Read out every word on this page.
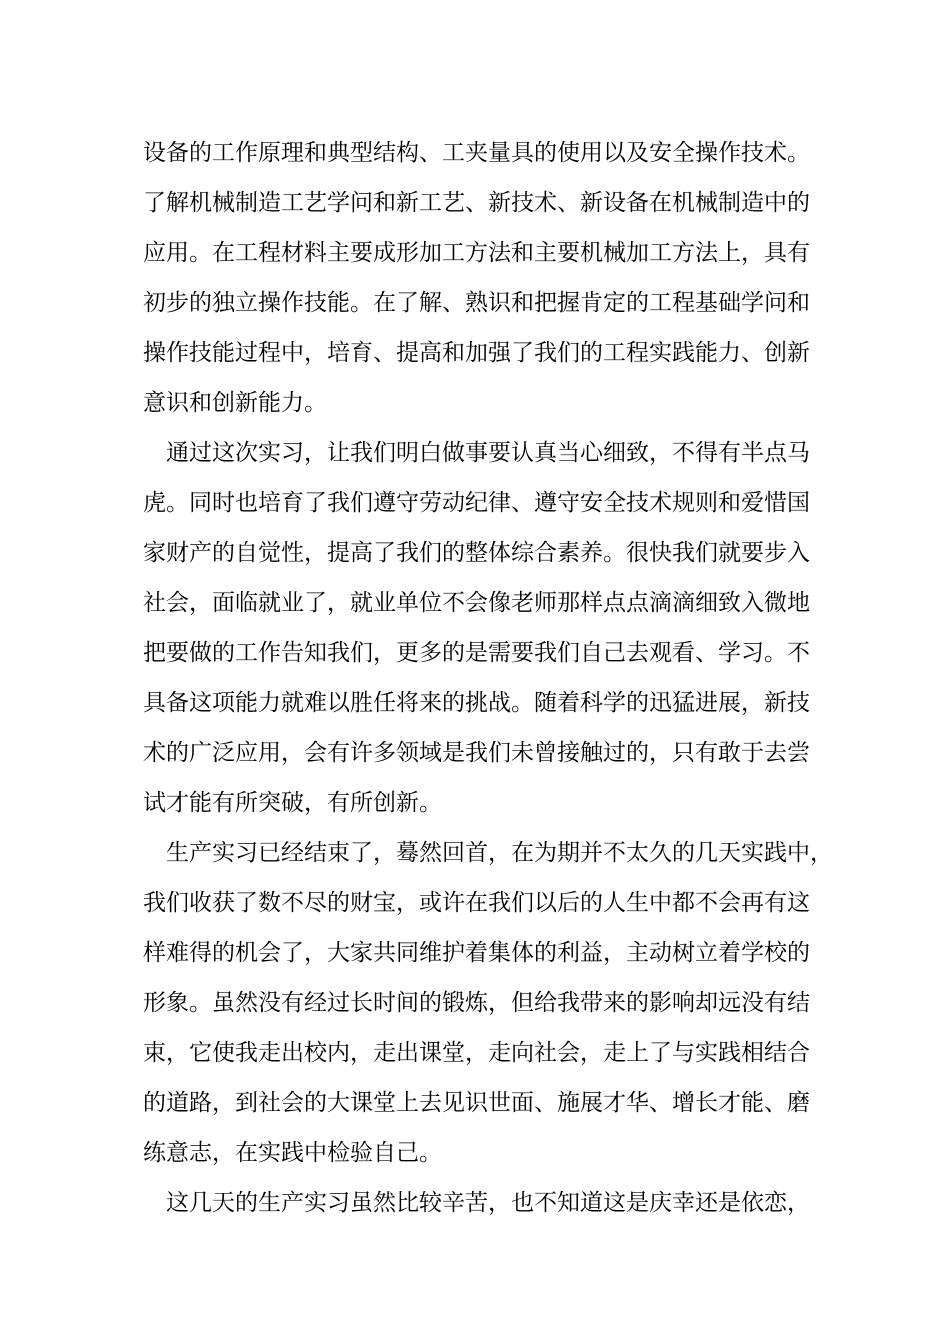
设备的工作原理和典型结构、工夹量具的使用以及安全操作技术。
了解机械制造工艺学问和新工艺、新技术、新设备在机械制造中的
应用。在工程材料主要成形加工方法和主要机械加工方法上，具有
初步的独立操作技能。在了解、熟识和把握肯定的工程基础学问和
操作技能过程中，培育、提高和加强了我们的工程实践能力、创新
意识和创新能力。
通过这次实习，让我们明白做事要认真当心细致，不得有半点马
虎。同时也培育了我们遵守劳动纪律、遵守安全技术规则和爱惜国
家财产的自觉性，提高了我们的整体综合素养。很快我们就要步入
社会，面临就业了，就业单位不会像老师那样点点滴滴细致入微地
把要做的工作告知我们，更多的是需要我们自己去观看、学习。不
具备这项能力就难以胜任将来的挑战。随着科学的迅猛进展，新技
术的广泛应用，会有许多领域是我们未曾接触过的，只有敢于去尝
试才能有所突破，有所创新。
生产实习已经结束了，蓦然回首，在为期并不太久的几天实践中，
我们收获了数不尽的财宝，或许在我们以后的人生中都不会再有这
样难得的机会了，大家共同维护着集体的利益，主动树立着学校的
形象。虽然没有经过长时间的锻炼，但给我带来的影响却远没有结
束，它使我走出校内，走出课堂，走向社会，走上了与实践相结合
的道路，到社会的大课堂上去见识世面、施展才华、增长才能、磨
练意志，在实践中检验自己。
这几天的生产实习虽然比较辛苦，也不知道这是庆幸还是依恋，
